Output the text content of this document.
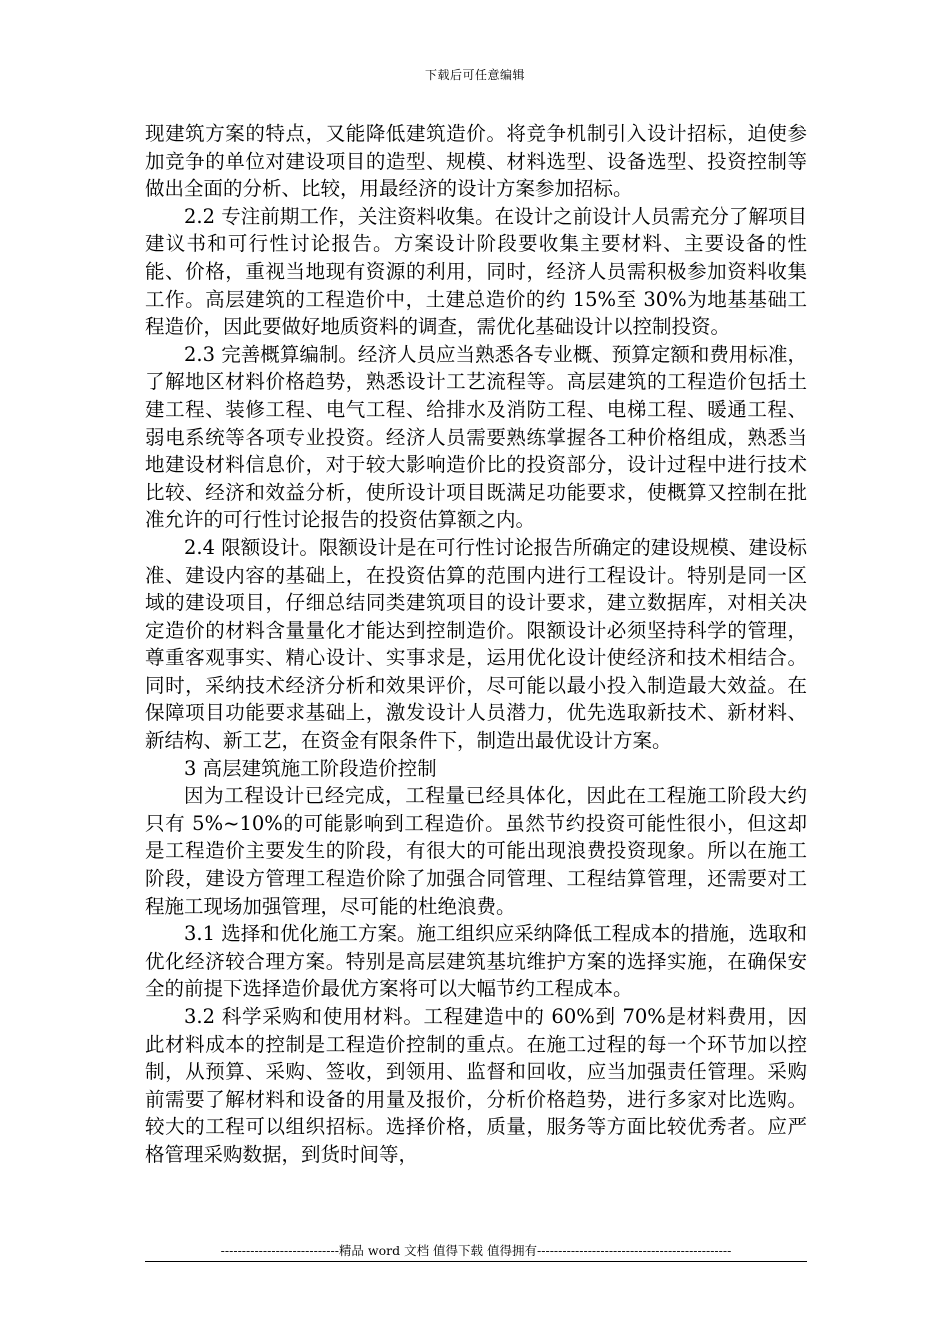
下载后可任意编辑

现建筑方案的特点，又能降低建筑造价。将竞争机制引入设计招标，迫使参加竞争的单位对建设项目的造型、规模、材料选型、设备选型、投资控制等做出全面的分析、比较，用最经济的设计方案参加招标。

2.2 专注前期工作，关注资料收集。在设计之前设计人员需充分了解项目建议书和可行性讨论报告。方案设计阶段要收集主要材料、主要设备的性能、价格，重视当地现有资源的利用，同时，经济人员需积极参加资料收集工作。高层建筑的工程造价中，土建总造价的约 15%至 30%为地基基础工程造价，因此要做好地质资料的调查，需优化基础设计以控制投资。

2.3 完善概算编制。经济人员应当熟悉各专业概、预算定额和费用标准，了解地区材料价格趋势，熟悉设计工艺流程等。高层建筑的工程造价包括土建工程、装修工程、电气工程、给排水及消防工程、电梯工程、暖通工程、弱电系统等各项专业投资。经济人员需要熟练掌握各工种价格组成，熟悉当地建设材料信息价，对于较大影响造价比的投资部分，设计过程中进行技术比较、经济和效益分析，使所设计项目既满足功能要求，使概算又控制在批准允许的可行性讨论报告的投资估算额之内。

2.4 限额设计。限额设计是在可行性讨论报告所确定的建设规模、建设标准、建设内容的基础上，在投资估算的范围内进行工程设计。特别是同一区域的建设项目，仔细总结同类建筑项目的设计要求，建立数据库，对相关决定造价的材料含量量化才能达到控制造价。限额设计必须坚持科学的管理，尊重客观事实、精心设计、实事求是，运用优化设计使经济和技术相结合。同时，采纳技术经济分析和效果评价，尽可能以最小投入制造最大效益。在保障项目功能要求基础上，激发设计人员潜力，优先选取新技术、新材料、新结构、新工艺，在资金有限条件下，制造出最优设计方案。

3 高层建筑施工阶段造价控制

因为工程设计已经完成，工程量已经具体化，因此在工程施工阶段大约只有 5%~10%的可能影响到工程造价。虽然节约投资可能性很小，但这却是工程造价主要发生的阶段，有很大的可能出现浪费投资现象。所以在施工阶段，建设方管理工程造价除了加强合同管理、工程结算管理，还需要对工程施工现场加强管理，尽可能的杜绝浪费。

3.1 选择和优化施工方案。施工组织应采纳降低工程成本的措施，选取和优化经济较合理方案。特别是高层建筑基坑维护方案的选择实施，在确保安全的前提下选择造价最优方案将可以大幅节约工程成本。

3.2 科学采购和使用材料。工程建造中的 60%到 70%是材料费用，因此材料成本的控制是工程造价控制的重点。在施工过程的每一个环节加以控制，从预算、采购、签收，到领用、监督和回收，应当加强责任管理。采购前需要了解材料和设备的用量及报价，分析价格趋势，进行多家对比选购。较大的工程可以组织招标。选择价格，质量，服务等方面比较优秀者。应严格管理采购数据，到货时间等，

----------------------------精品 word 文档 值得下载 值得拥有----------------------------------------------
